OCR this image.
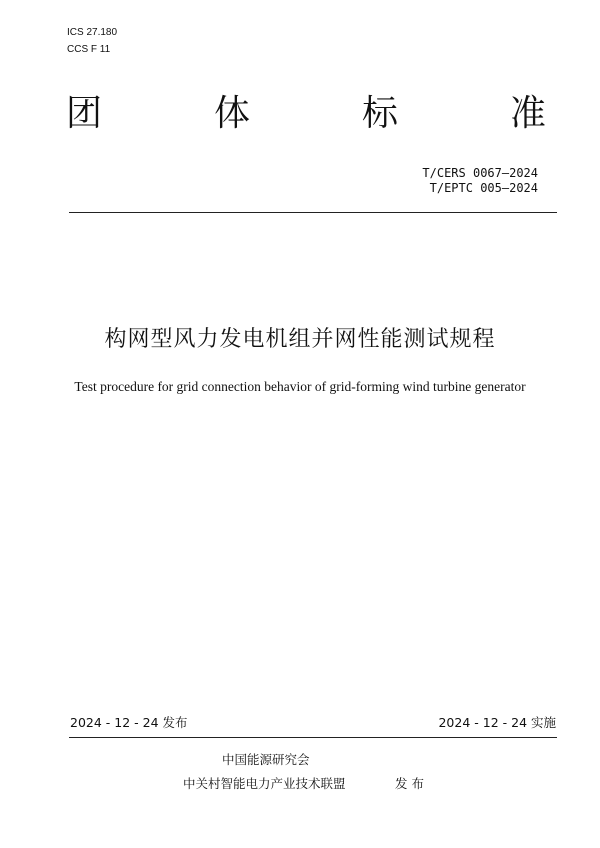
ICS 27.180
CCS F 11
团	体	标	准
T/CERS 0067—2024
T/EPTC 005—2024
构网型风力发电机组并网性能测试规程
Test procedure for grid connection behavior of grid-forming wind turbine generator
2024 - 12 - 24 发布	2024 - 12 - 24 实施
中国能源研究会
中关村智能电力产业技术联盟	发 布
